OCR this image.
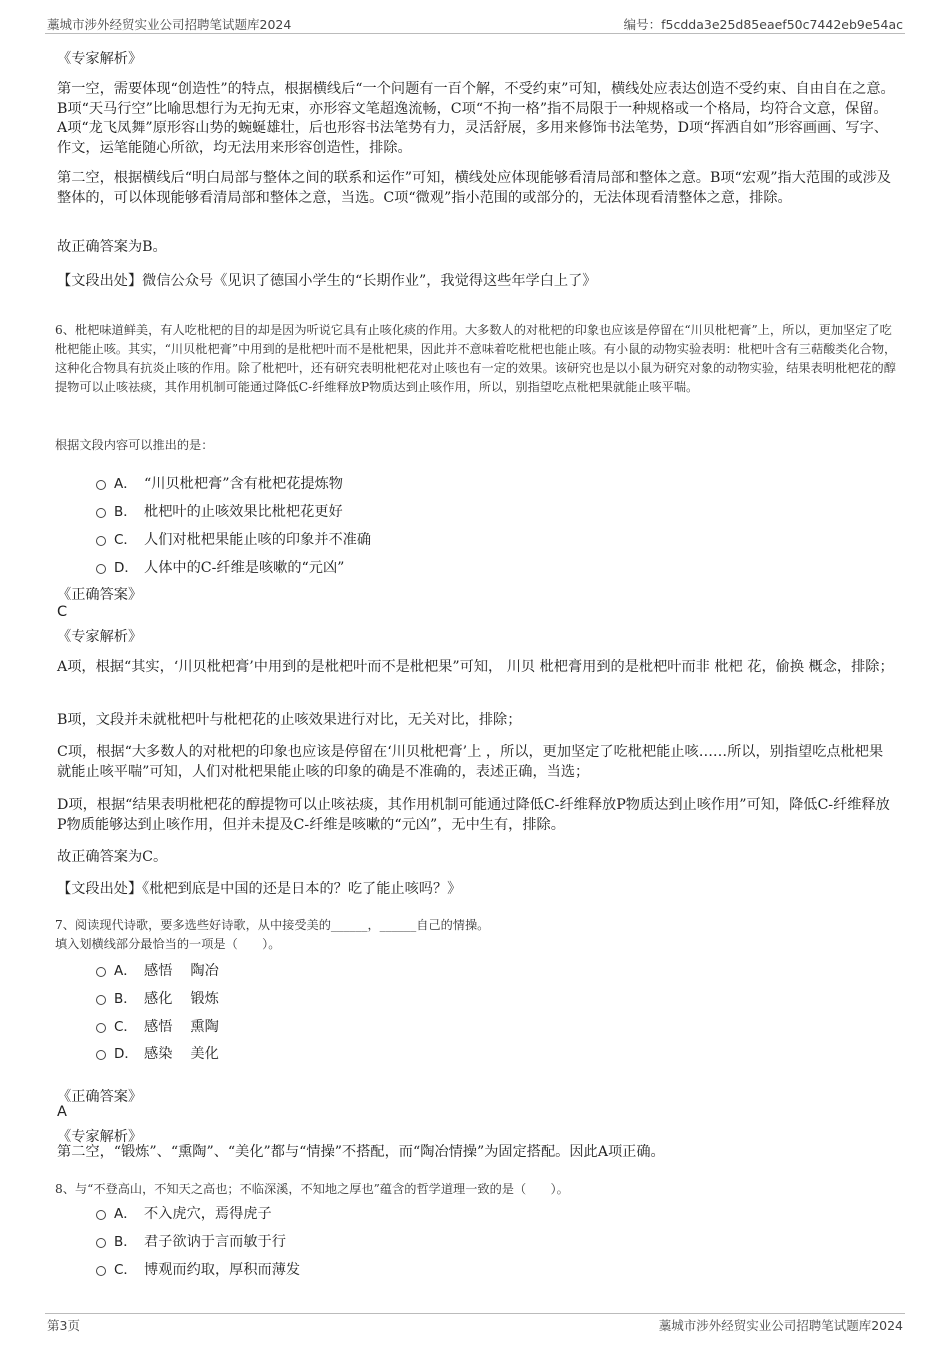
藁城市涉外经贸实业公司招聘笔试题库2024	编号：f5cdda3e25d85eaef50c7442eb9e54ac
《专家解析》
第一空，需要体现“创造性”的特点，根据横线后“一个问题有一百个解，不受约束”可知，横线处应表达创造不受约束、自由自在之意。B项“天马行空”比喻思想行为无拘无束，亦形容文笔超逸流畅，C项“不拘一格”指不局限于一种规格或一个格局，均符合文意，保留。A项“龙飞凤舞”原形容山势的蜿蜒雄壮，后也形容书法笔势有力，灵活舒展，多用来修饰书法笔势，D项“挥洒自如”形容画画、写字、作文，运笔能随心所欲，均无法用来形容创造性，排除。
第二空，根据横线后“明白局部与整体之间的联系和运作”可知，横线处应体现能够看清局部和整体之意。B项“宏观”指大范围的或涉及整体的，可以体现能够看清局部和整体之意，当选。C项“微观”指小范围的或部分的，无法体现看清整体之意，排除。
故正确答案为B。
【文段出处】微信公众号《见识了德国小学生的“长期作业”，我觉得这些年学白上了》
6、枇杷味道鲜美，有人吃枇杷的目的却是因为听说它具有止咳化痰的作用。大多数人的对枇杷的印象也应该是停留在“川贝枇杷膏”上，所以，更加坚定了吃枇杷能止咳。其实，“川贝枇杷膏”中用到的是枇杷叶而不是枇杷果，因此并不意味着吃枇杷也能止咳。有小鼠的动物实验表明：枇杷叶含有三萜酸类化合物，这种化合物具有抗炎止咳的作用。除了枇杷叶，还有研究表明枇杷花对止咳也有一定的效果。该研究也是以小鼠为研究对象的动物实验，结果表明枇杷花的醇提物可以止咳祛痰，其作用机制可能通过降低C-纤维释放P物质达到止咳作用，所以，别指望吃点枇杷果就能止咳平喘。
根据文段内容可以推出的是：
A． “川贝枇杷膏”含有枇杷花提炼物
B． 枇杷叶的止咳效果比枇杷花更好
C． 人们对枇杷果能止咳的印象并不准确
D． 人体中的C-纤维是咳嗽的“元凶”
《正确答案》
C
《专家解析》
A项，根据“其实，‘川贝枇杷膏’中用到的是枇杷叶而不是枇杷果”可知， 川贝 枇杷膏用到的是枇杷叶而非 枇杷 花，偷换 概念，排除；
B项，文段并未就枇杷叶与枇杷花的止咳效果进行对比，无关对比，排除；
C项，根据“大多数人的对枇杷的印象也应该是停留在‘川贝枇杷膏’上 ，所以，更加坚定了吃枇杷能止咳……所以，别指望吃点枇杷果就能止咳平喘”可知，人们对枇杷果能止咳的印象的确是不准确的，表述正确，当选；
D项，根据“结果表明枇杷花的醇提物可以止咳祛痰，其作用机制可能通过降低C-纤维释放P物质达到止咳作用”可知，降低C-纤维释放P物质能够达到止咳作用，但并未提及C-纤维是咳嗽的“元凶”，无中生有，排除。
故正确答案为C。
【文段出处】《枇杷到底是中国的还是日本的？吃了能止咳吗？》
7、阅读现代诗歌，要多选些好诗歌，从中接受美的______，______自己的情操。
填入划横线部分最恰当的一项是（　　）。
A． 感悟 陶冶
B． 感化 锻炼
C． 感悟 熏陶
D． 感染 美化
《正确答案》
A
《专家解析》
第二空，“锻炼”、“熏陶”、“美化”都与“情操”不搭配，而“陶冶情操”为固定搭配。因此A项正确。
8、与“不登高山，不知天之高也；不临深溪，不知地之厚也”蕴含的哲学道理一致的是（　　）。
A． 不入虎穴，焉得虎子
B． 君子欲讷于言而敏于行
C． 博观而约取，厚积而薄发
第3页	藁城市涉外经贸实业公司招聘笔试题库2024
